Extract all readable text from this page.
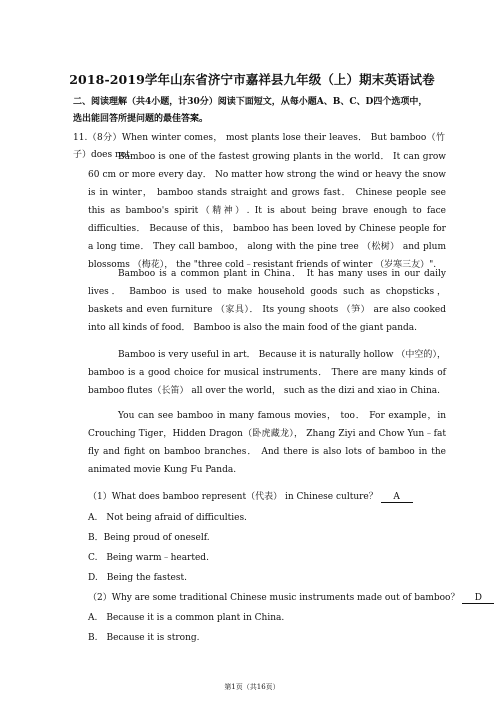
2018-2019学年山东省济宁市嘉祥县九年级（上）期末英语试卷
二、阅读理解（共4小题，计30分）阅读下面短文，从每小题A、B、C、D四个选项中，
选出能回答所提问题的最佳答案。
11.（8分）When winter comes， most plants lose their leaves． But bamboo（竹子）does not.
Bamboo is one of the fastest growing plants in the world． It can grow 60 cm or more every day． No matter how strong the wind or heavy the snow is in winter， bamboo stands straight and grows fast． Chinese people see this as bamboo's spirit（精神）. It is about being brave enough to face difficulties． Because of this， bamboo has been loved by Chinese people for a long time． They call bamboo， along with the pine tree （松树） and plum blossoms （梅花）， the "three cold﹣resistant friends of winter （岁寒三友）".
Bamboo is a common plant in China． It has many uses in our daily lives． Bamboo is used to make household goods such as chopsticks， baskets and even furniture （家具）． Its young shoots （笋） are also cooked into all kinds of food． Bamboo is also the main food of the giant panda.
Bamboo is very useful in art． Because it is naturally hollow （中空的）， bamboo is a good choice for musical instruments． There are many kinds of bamboo flutes（长笛） all over the world， such as the dizi and xiao in China.
You can see bamboo in many famous movies， too． For example，in Crouching Tiger，Hidden Dragon（卧虎藏龙）， Zhang Ziyi and Chow Yun﹣fat fly and fight on bamboo branches． And there is also lots of bamboo in the animated movie Kung Fu Panda.
（1）What does bamboo represent（代表） in Chinese culture？ A
A.　Not being afraid of difficulties.
B．Being proud of oneself.
C.　Being warm﹣hearted.
D.　Being the fastest.
（2）Why are some traditional Chinese music instruments made out of bamboo？ D
A.　Because it is a common plant in China.
B.　Because it is strong.
第1页（共16页）
